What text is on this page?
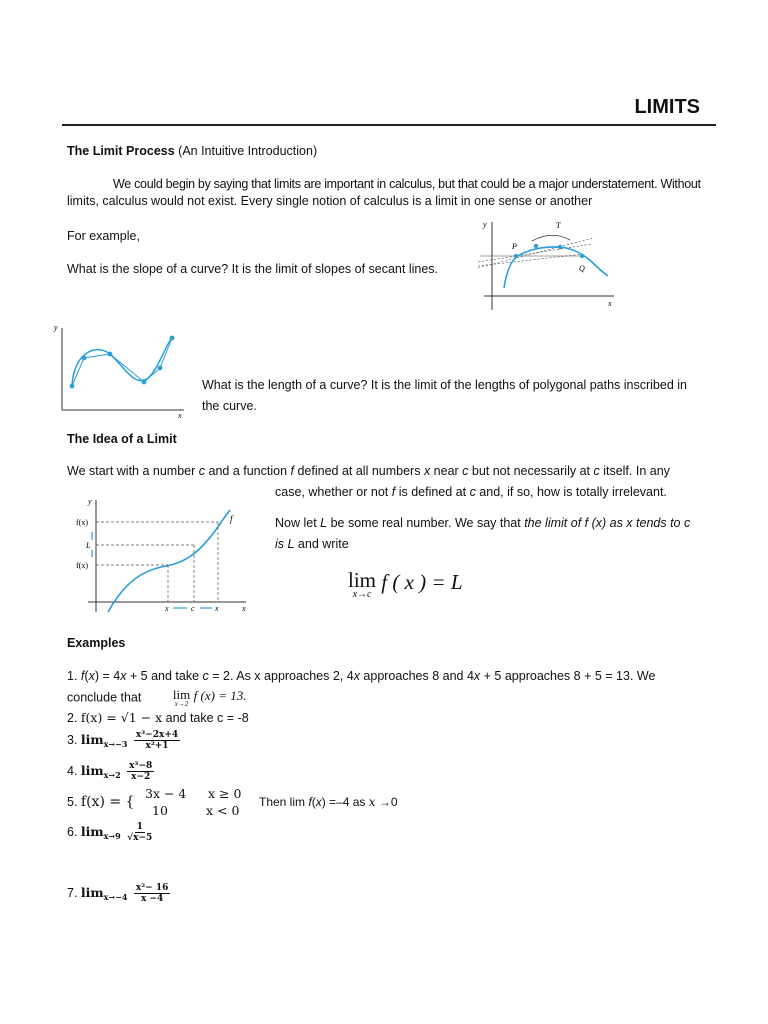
LIMITS
The Limit Process (An Intuitive Introduction)
We could begin by saying that limits are important in calculus, but that could be a major understatement. Without
limits, calculus would not exist. Every single notion of calculus is a limit in one sense or another
For example,
What is the slope of a curve? It is the limit of slopes of secant lines.
y
x
P
T
Q
y
x
What is the length of a curve? It is the limit of the lengths of polygonal paths inscribed in
the curve.
The Idea of a Limit
We start with a number c and a function f defined at all numbers x near c but not necessarily at c itself. In any
case, whether or not f is defined at c and, if so, how is totally irrelevant.
y
x
f
f(x)
L
f(x)
x	c	x
Now let L be some real number. We say that the limit of f (x) as x tends to c
is L and write
lim
x→c
f ( x ) = L
Examples
1. f(x) = 4x + 5 and take c = 2. As x approaches 2, 4x approaches 8 and 4x + 5 approaches 8 + 5 = 13. We
conclude that lim
x→2
f (x) = 13.
2. f(x) = √1 − x and take c = -8
3. $\lim_{x\to-3} \frac{\text{x³−2x+4}}{\text{x²+1}}$
4. $\lim_{x\to 2} \frac{\text{x³−8}}{x-2}$
5. f(x) = {
3x − 4 x ≥ 0
10	x < 0
Then lim f(x) =–4 as x →0
6. $\lim_{x\to 9} \frac{1}{√x-5}$
7. $\lim_{x\to-4} \frac{\text{x²− 16}}{x -4}$
